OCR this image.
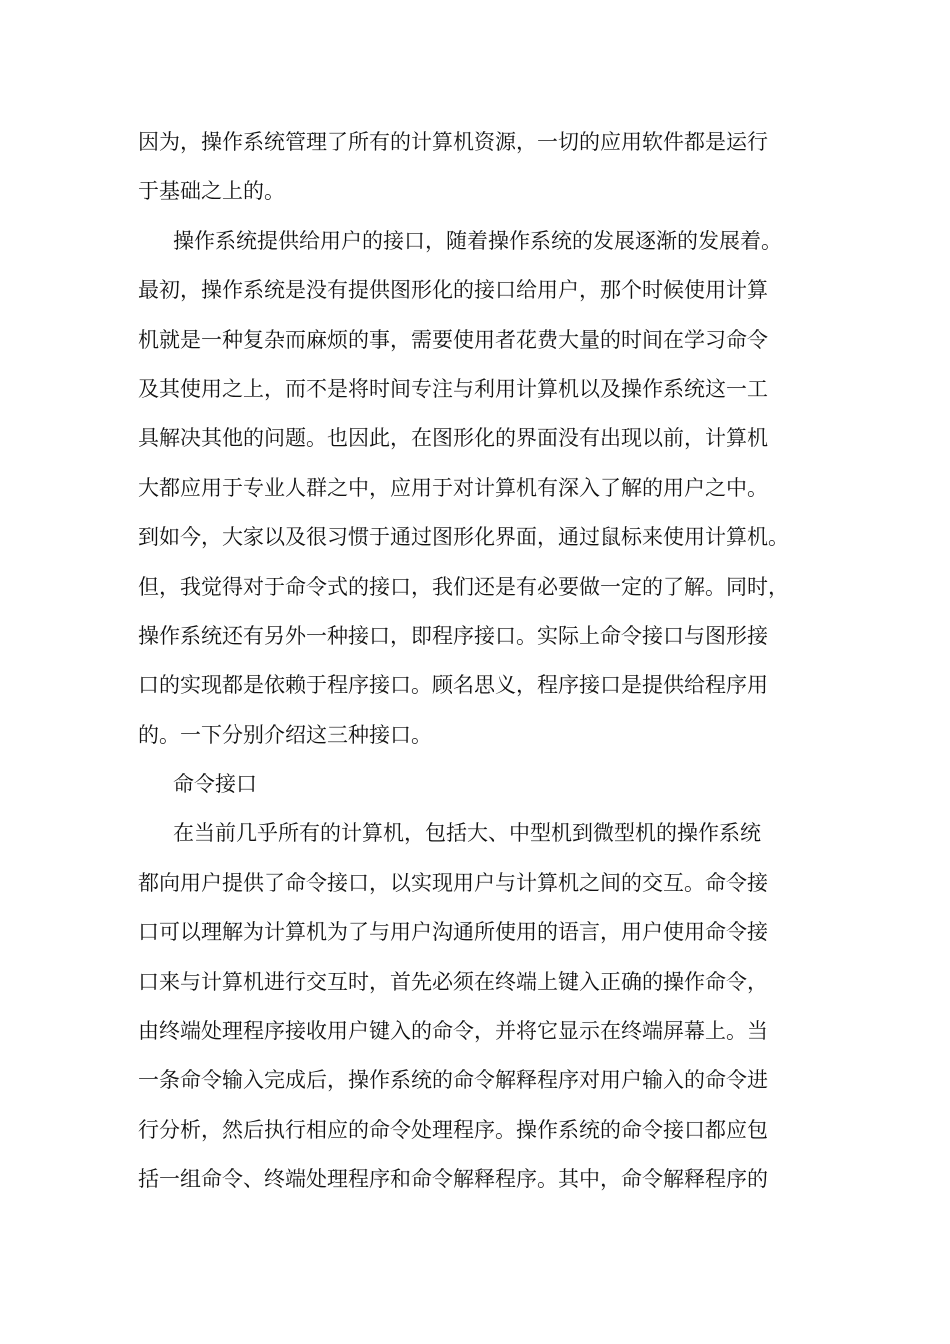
因为，操作系统管理了所有的计算机资源，一切的应用软件都是运行
于基础之上的。
操作系统提供给用户的接口，随着操作系统的发展逐渐的发展着。
最初，操作系统是没有提供图形化的接口给用户，那个时候使用计算
机就是一种复杂而麻烦的事，需要使用者花费大量的时间在学习命令
及其使用之上，而不是将时间专注与利用计算机以及操作系统这一工
具解决其他的问题。也因此，在图形化的界面没有出现以前，计算机
大都应用于专业人群之中，应用于对计算机有深入了解的用户之中。
到如今，大家以及很习惯于通过图形化界面，通过鼠标来使用计算机。
但，我觉得对于命令式的接口，我们还是有必要做一定的了解。同时，
操作系统还有另外一种接口，即程序接口。实际上命令接口与图形接
口的实现都是依赖于程序接口。顾名思义，程序接口是提供给程序用
的。一下分别介绍这三种接口。
命令接口
在当前几乎所有的计算机，包括大、中型机到微型机的操作系统
都向用户提供了命令接口，以实现用户与计算机之间的交互。命令接
口可以理解为计算机为了与用户沟通所使用的语言，用户使用命令接
口来与计算机进行交互时，首先必须在终端上键入正确的操作命令，
由终端处理程序接收用户键入的命令，并将它显示在终端屏幕上。当
一条命令输入完成后，操作系统的命令解释程序对用户输入的命令进
行分析，然后执行相应的命令处理程序。操作系统的命令接口都应包
括一组命令、终端处理程序和命令解释程序。其中，命令解释程序的
